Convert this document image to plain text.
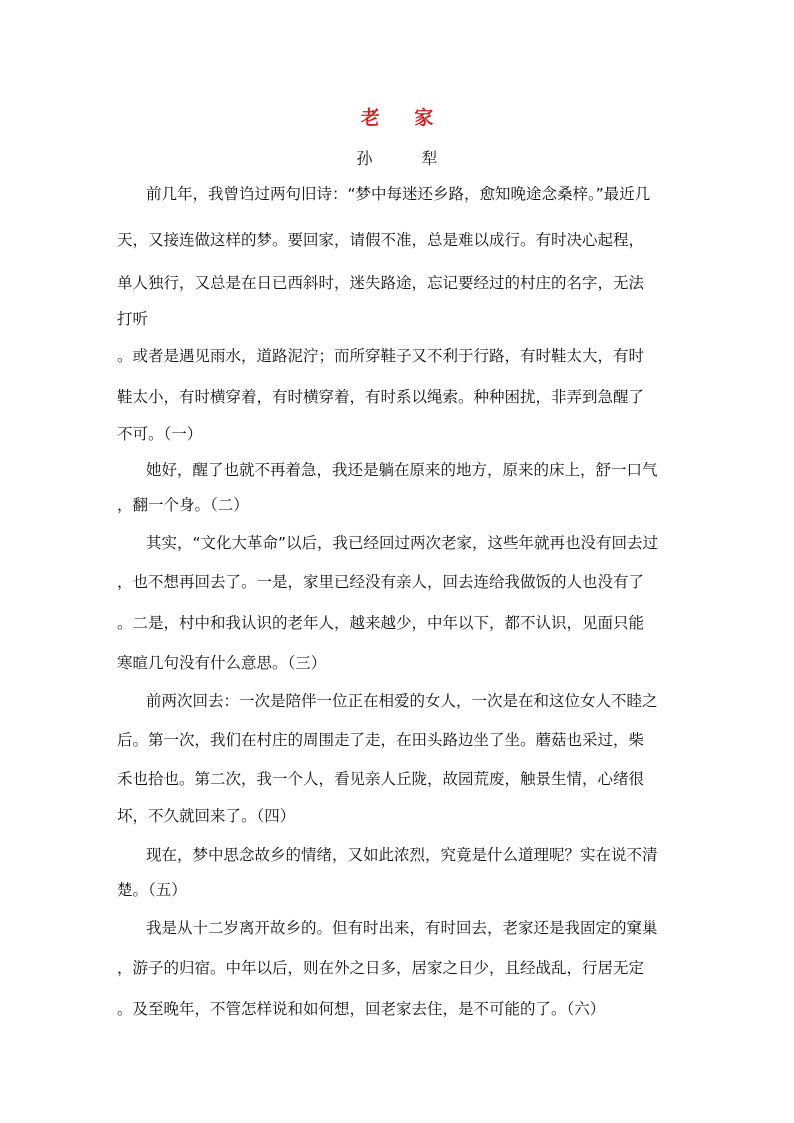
老 家
孙 犁
前几年，我曾诌过两句旧诗：“梦中每迷还乡路，愈知晚途念桑梓。”最近几
天，又接连做这样的梦。要回家，请假不准，总是难以成行。有时决心起程，
单人独行，又总是在日已西斜时，迷失路途，忘记要经过的村庄的名字，无法
打听
。或者是遇见雨水，道路泥泞；而所穿鞋子又不利于行路，有时鞋太大，有时
鞋太小，有时横穿着，有时横穿着，有时系以绳索。种种困扰，非弄到急醒了
不可。（一）
她好，醒了也就不再着急，我还是躺在原来的地方，原来的床上，舒一口气
，翻一个身。（二）
其实，“文化大革命”以后，我已经回过两次老家，这些年就再也没有回去过
，也不想再回去了。一是，家里已经没有亲人，回去连给我做饭的人也没有了
。二是，村中和我认识的老年人，越来越少，中年以下，都不认识，见面只能
寒暄几句没有什么意思。（三）
前两次回去：一次是陪伴一位正在相爱的女人，一次是在和这位女人不睦之
后。第一次，我们在村庄的周围走了走，在田头路边坐了坐。蘑菇也采过，柴
禾也拾也。第二次，我一个人，看见亲人丘陇，故园荒废，触景生情，心绪很
坏，不久就回来了。（四）
现在，梦中思念故乡的情绪，又如此浓烈，究竟是什么道理呢？实在说不清
楚。（五）
我是从十二岁离开故乡的。但有时出来，有时回去，老家还是我固定的窠巢
，游子的归宿。中年以后，则在外之日多，居家之日少，且经战乱，行居无定
。及至晚年，不管怎样说和如何想，回老家去住，是不可能的了。（六）
